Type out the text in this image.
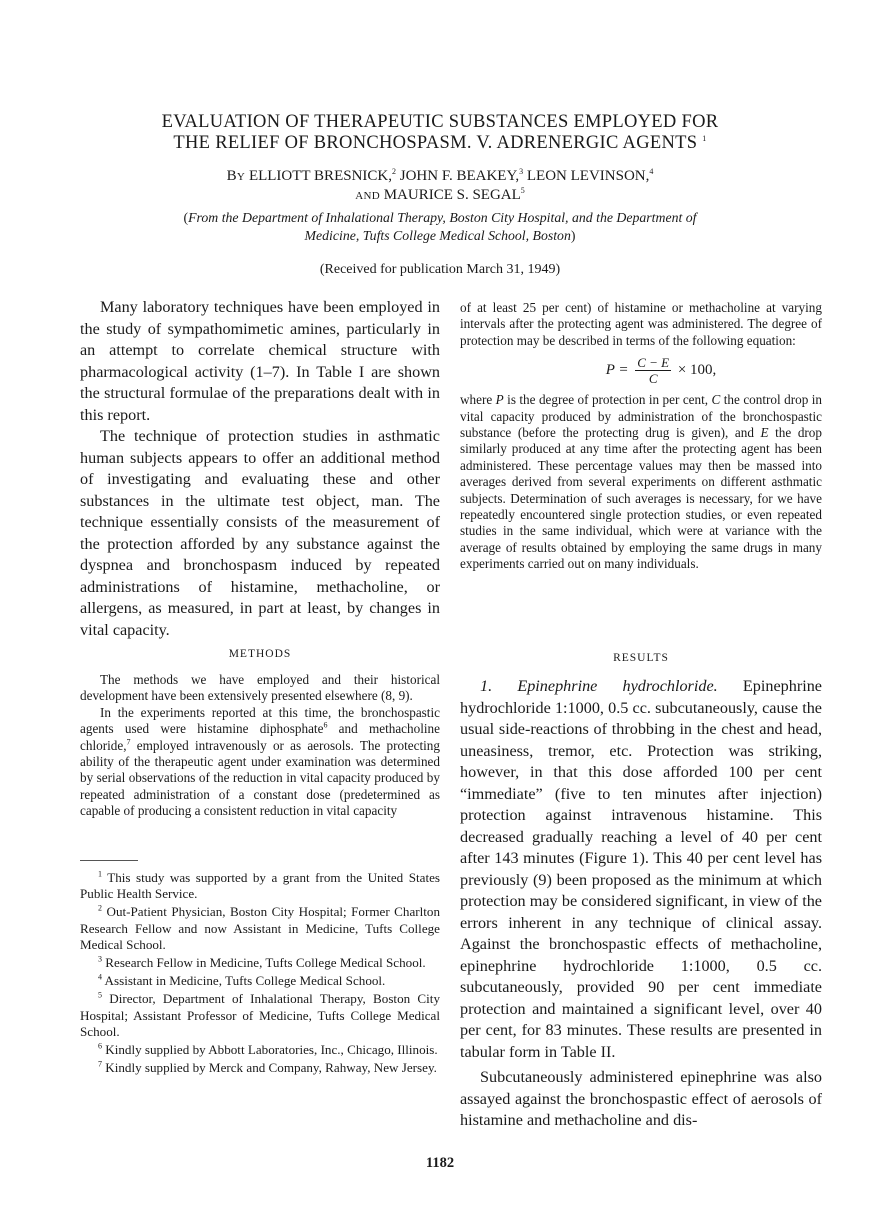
EVALUATION OF THERAPEUTIC SUBSTANCES EMPLOYED FOR
THE RELIEF OF BRONCHOSPASM. V. ADRENERGIC AGENTS $^1$
By ELLIOTT BRESNICK,$^2$ JOHN F. BEAKEY,$^3$ LEON LEVINSON,$^4$
and MAURICE S. SEGAL$^5$
(From the Department of Inhalational Therapy, Boston City Hospital, and the Department of
Medicine, Tufts College Medical School, Boston)
(Received for publication March 31, 1949)

Many laboratory techniques have been employed in the study of sympathomimetic amines, particularly in an attempt to correlate chemical structure with pharmacological activity (1–7). In Table I are shown the structural formulae of the preparations dealt with in this report.

The technique of protection studies in asthmatic human subjects appears to offer an additional method of investigating and evaluating these and other substances in the ultimate test object, man. The technique essentially consists of the measurement of the protection afforded by any substance against the dyspnea and bronchospasm induced by repeated administrations of histamine, methacholine, or allergens, as measured, in part at least, by changes in vital capacity.

METHODS

The methods we have employed and their historical development have been extensively presented elsewhere (8, 9).

In the experiments reported at this time, the bronchospastic agents used were histamine diphosphate$^6$ and methacholine chloride,$^7$ employed intravenously or as aerosols. The protecting ability of the therapeutic agent under examination was determined by serial observations of the reduction in vital capacity produced by repeated administration of a constant dose (predetermined as capable of producing a consistent reduction in vital capacity

$^1$ This study was supported by a grant from the United States Public Health Service.

$^2$ Out-Patient Physician, Boston City Hospital; Former Charlton Research Fellow and now Assistant in Medicine, Tufts College Medical School.

$^3$ Research Fellow in Medicine, Tufts College Medical School.

$^4$ Assistant in Medicine, Tufts College Medical School.

$^5$ Director, Department of Inhalational Therapy, Boston City Hospital; Assistant Professor of Medicine, Tufts College Medical School.

$^6$ Kindly supplied by Abbott Laboratories, Inc., Chicago, Illinois.

$^7$ Kindly supplied by Merck and Company, Rahway, New Jersey.

of at least 25 per cent) of histamine or methacholine at varying intervals after the protecting agent was administered. The degree of protection may be described in terms of the following equation:

$P = \frac{C - E}{C} \times 100$,

where P is the degree of protection in per cent, C the control drop in vital capacity produced by administration of the bronchospastic substance (before the protecting drug is given), and E the drop similarly produced at any time after the protecting agent has been administered. These percentage values may then be massed into averages derived from several experiments on different asthmatic subjects. Determination of such averages is necessary, for we have repeatedly encountered single protection studies, or even repeated studies in the same individual, which were at variance with the average of results obtained by employing the same drugs in many experiments carried out on many individuals.

RESULTS

1. Epinephrine hydrochloride. Epinephrine hydrochloride 1:1000, 0.5 cc. subcutaneously, cause the usual side-reactions of throbbing in the chest and head, uneasiness, tremor, etc. Protection was striking, however, in that this dose afforded 100 per cent “immediate” (five to ten minutes after injection) protection against intravenous histamine. This decreased gradually reaching a level of 40 per cent after 143 minutes (Figure 1). This 40 per cent level has previously (9) been proposed as the minimum at which protection may be considered significant, in view of the errors inherent in any technique of clinical assay. Against the bronchospastic effects of methacholine, epinephrine hydrochloride 1:1000, 0.5 cc. subcutaneously, provided 90 per cent immediate protection and maintained a significant level, over 40 per cent, for 83 minutes. These results are presented in tabular form in Table II.

Subcutaneously administered epinephrine was also assayed against the bronchospastic effect of aerosols of histamine and methacholine and dis-

1182
